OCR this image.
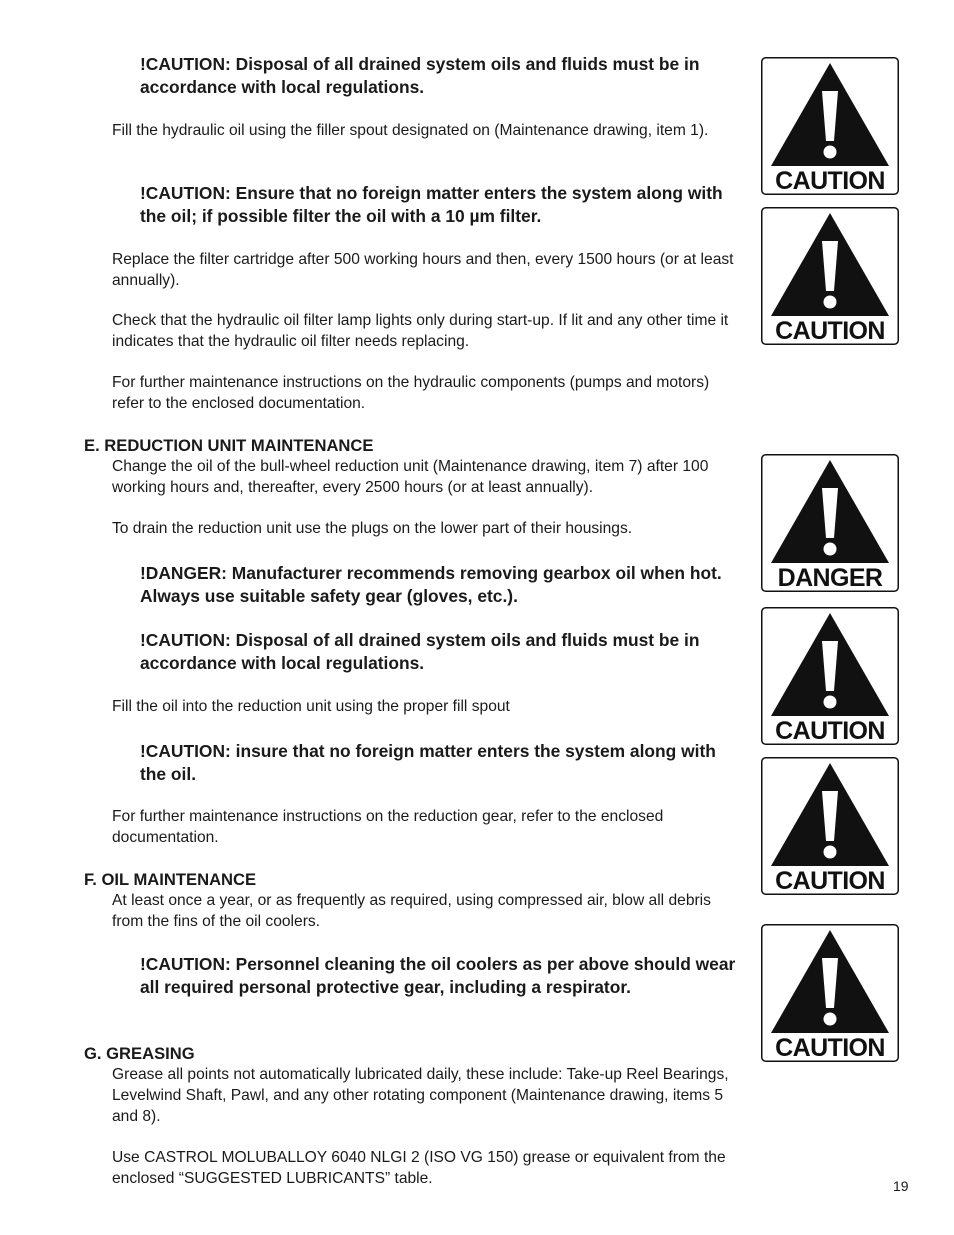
!CAUTION: Disposal of all drained system oils and fluids must be in accordance with local regulations.

Fill the hydraulic oil using the filler spout designated on (Maintenance drawing, item 1).

!CAUTION: Ensure that no foreign matter enters the system along with the oil; if possible filter the oil with a 10 µm filter.

Replace the filter cartridge after 500 working hours and then, every 1500 hours (or at least annually).

Check that the hydraulic oil filter lamp lights only during start-up. If lit and any other time it indicates that the hydraulic oil filter needs replacing.

For further maintenance instructions on the hydraulic components (pumps and motors) refer to the enclosed documentation.

E. REDUCTION UNIT MAINTENANCE

Change the oil of the bull-wheel reduction unit (Maintenance drawing, item 7) after 100 working hours and, thereafter, every 2500 hours (or at least annually).

To drain the reduction unit use the plugs on the lower part of their housings.

!DANGER: Manufacturer recommends removing gearbox oil when hot. Always use suitable safety gear (gloves, etc.).

!CAUTION: Disposal of all drained system oils and fluids must be in accordance with local regulations.

Fill the oil into the reduction unit using the proper fill spout

!CAUTION: insure that no foreign matter enters the system along with the oil.

For further maintenance instructions on the reduction gear, refer to the enclosed documentation.

F. OIL MAINTENANCE

At least once a year, or as frequently as required, using compressed air, blow all debris from the fins of the oil coolers.

!CAUTION: Personnel cleaning the oil coolers as per above should wear all required personal protective gear, including a respirator.

G. GREASING

Grease all points not automatically lubricated daily, these include: Take-up Reel Bearings, Levelwind Shaft, Pawl, and any other rotating component (Maintenance drawing, items 5 and 8).

Use CASTROL MOLUBALLOY 6040 NLGI 2 (ISO VG 150) grease or equivalent from the enclosed “SUGGESTED LUBRICANTS” table.	19
CAUTION
CAUTION
DANGER
CAUTION
CAUTION
CAUTION
